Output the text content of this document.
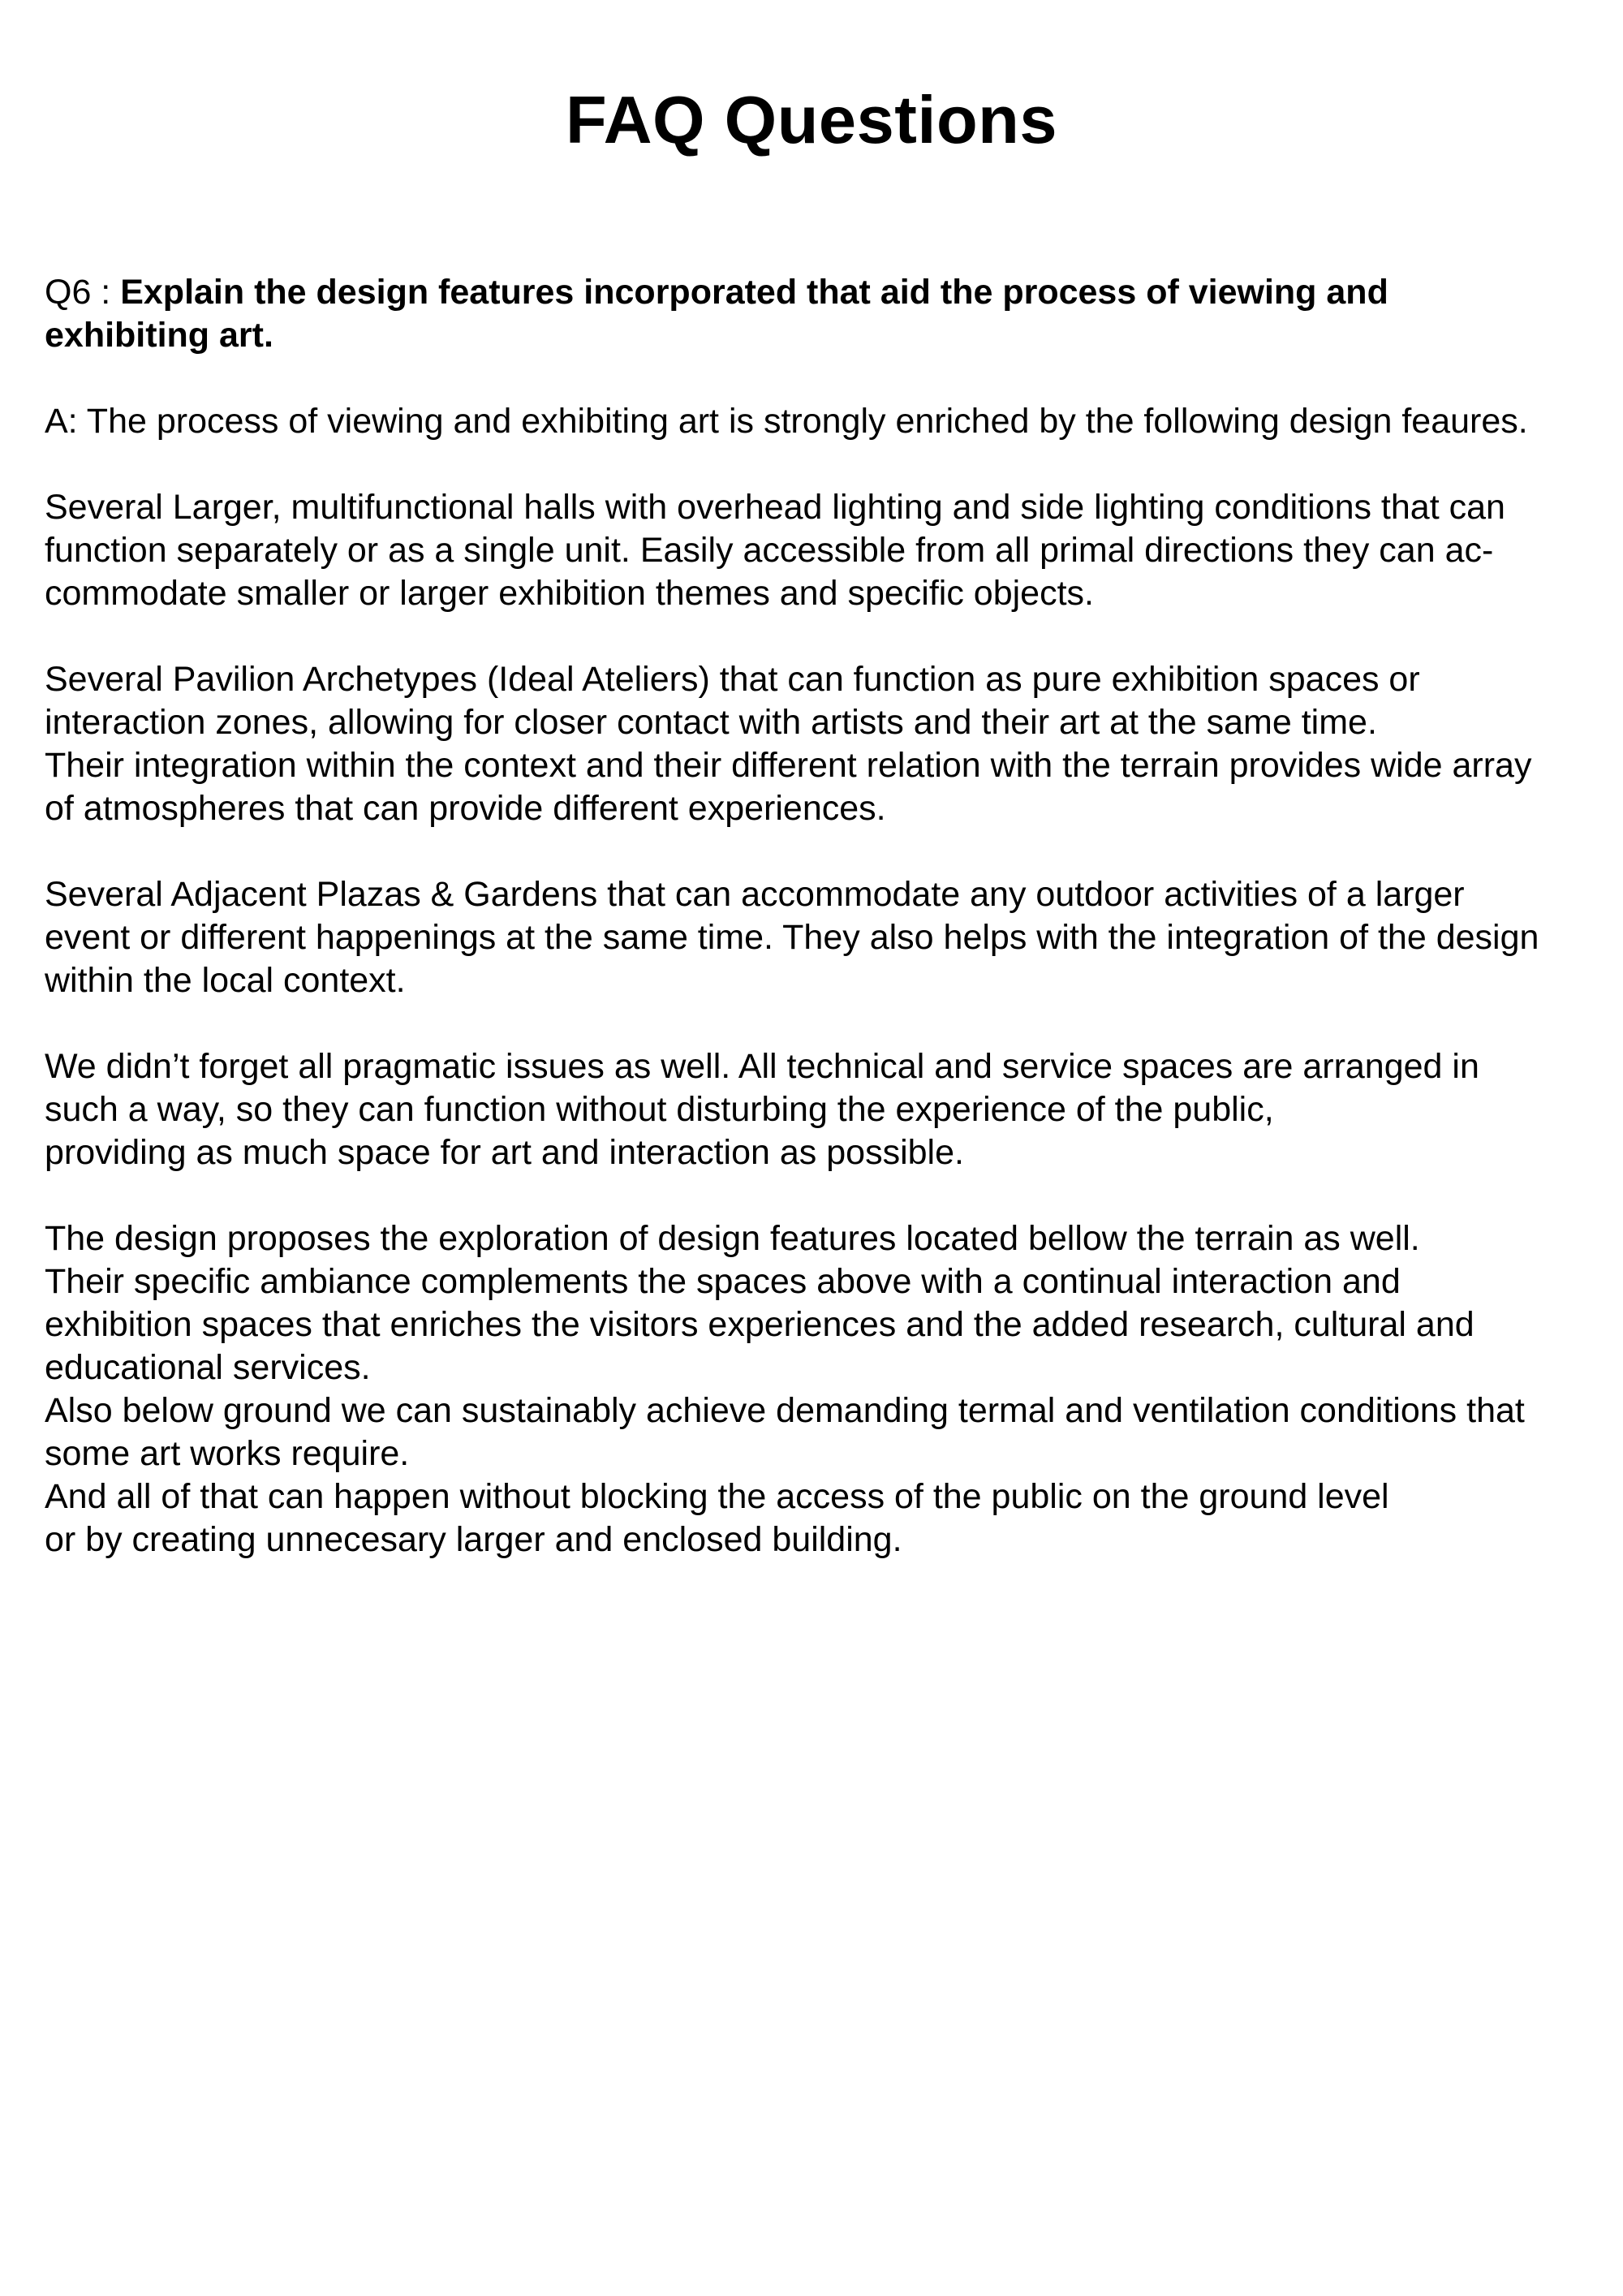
FAQ Questions
Q6 : Explain the design features incorporated that aid the process of viewing and
exhibiting art.
A: The process of viewing and exhibiting art is strongly enriched by the following design feaures.
Several Larger, multifunctional halls with overhead lighting and side lighting conditions that can
function separately or as a single unit. Easily accessible from all primal directions they can ac-
commodate smaller or larger exhibition themes and specific objects.
Several Pavilion Archetypes (Ideal Ateliers) that can function as pure exhibition spaces or
interaction zones, allowing for closer contact with artists and their art at the same time.
Their integration within the context and their different relation with the terrain provides wide array
of atmospheres that can provide different experiences.
Several Adjacent Plazas & Gardens that can accommodate any outdoor activities of a larger
event or different happenings at the same time. They also helps with the integration of the design
within the local context.
We didn’t forget all pragmatic issues as well. All technical and service spaces are arranged in
such a way, so they can function without disturbing the experience of the public,
providing as much space for art and interaction as possible.
The design proposes the exploration of design features located bellow the terrain as well.
Their specific ambiance complements the spaces above with a continual interaction and
exhibition spaces that enriches the visitors experiences and the added research, cultural and
educational services.
Also below ground we can sustainably achieve demanding termal and ventilation conditions that
some art works require.
And all of that can happen without blocking the access of the public on the ground level
or by creating unnecesary larger and enclosed building.
